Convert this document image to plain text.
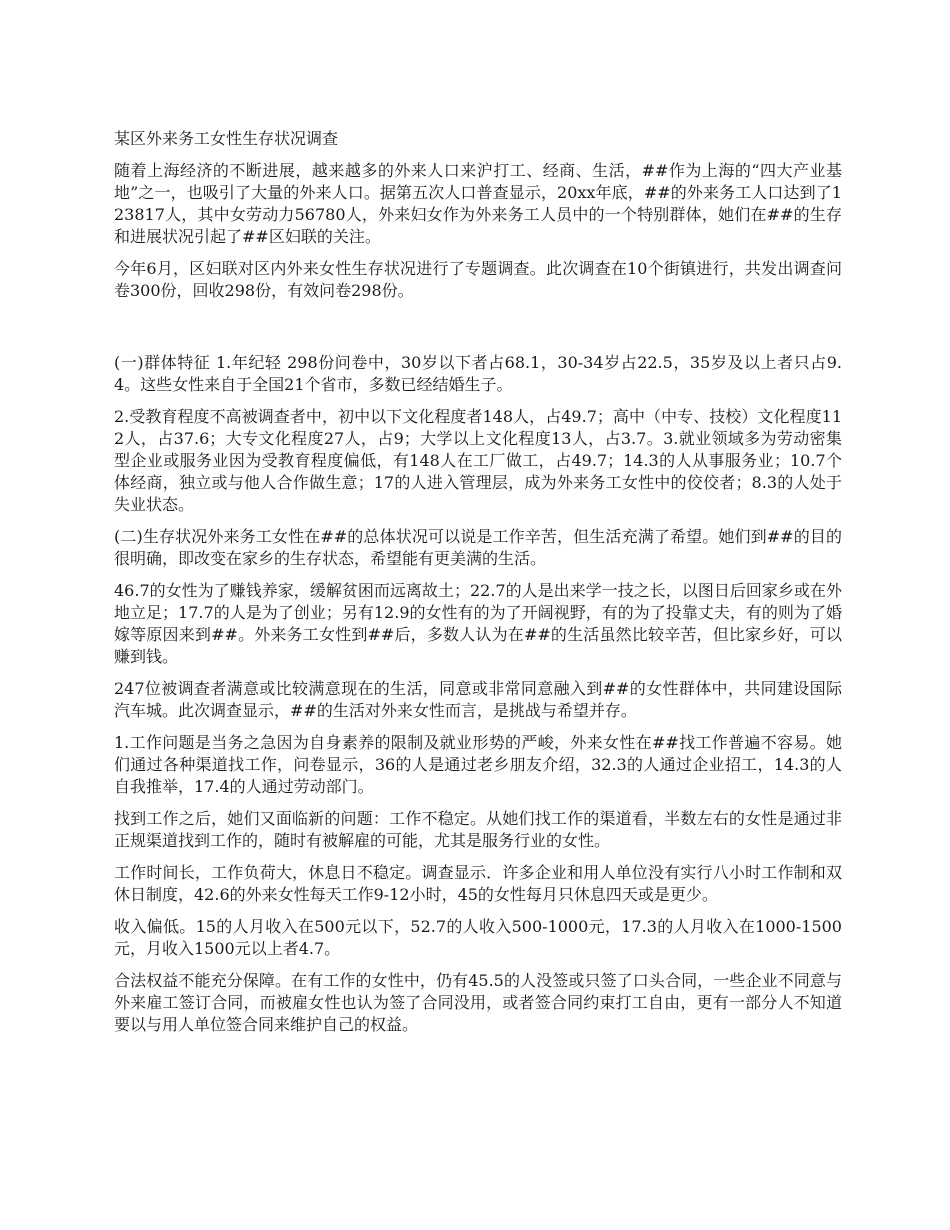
某区外来务工女性生存状况调查

随着上海经济的不断进展，越来越多的外来人口来沪打工、经商、生活，##作为上海的“四大产业基地”之一，也吸引了大量的外来人口。据第五次人口普查显示，20xx年底，##的外来务工人口达到了123817人，其中女劳动力56780人，外来妇女作为外来务工人员中的一个特别群体，她们在##的生存和进展状况引起了##区妇联的关注。

今年6月，区妇联对区内外来女性生存状况进行了专题调查。此次调查在10个街镇进行，共发出调查问卷300份，回收298份，有效问卷298份。

(一)群体特征 1.年纪轻 298份问卷中，30岁以下者占68.1，30-34岁占22.5，35岁及以上者只占9.4。这些女性来自于全国21个省市，多数已经结婚生子。

2.受教育程度不高被调查者中，初中以下文化程度者148人，占49.7；高中（中专、技校）文化程度112人，占37.6；大专文化程度27人，占9；大学以上文化程度13人，占3.7。3.就业领域多为劳动密集型企业或服务业因为受教育程度偏低，有148人在工厂做工，占49.7；14.3的人从事服务业；10.7个体经商，独立或与他人合作做生意；17的人进入管理层，成为外来务工女性中的佼佼者；8.3的人处于失业状态。

(二)生存状况外来务工女性在##的总体状况可以说是工作辛苦，但生活充满了希望。她们到##的目的很明确，即改变在家乡的生存状态，希望能有更美满的生活。

46.7的女性为了赚钱养家，缓解贫困而远离故土；22.7的人是出来学一技之长，以图日后回家乡或在外地立足；17.7的人是为了创业；另有12.9的女性有的为了开阔视野，有的为了投靠丈夫，有的则为了婚嫁等原因来到##。外来务工女性到##后，多数人认为在##的生活虽然比较辛苦，但比家乡好，可以赚到钱。

247位被调查者满意或比较满意现在的生活，同意或非常同意融入到##的女性群体中，共同建设国际汽车城。此次调查显示，##的生活对外来女性而言，是挑战与希望并存。

1.工作问题是当务之急因为自身素养的限制及就业形势的严峻，外来女性在##找工作普遍不容易。她们通过各种渠道找工作，问卷显示，36的人是通过老乡朋友介绍，32.3的人通过企业招工，14.3的人自我推举，17.4的人通过劳动部门。

找到工作之后，她们又面临新的问题：工作不稳定。从她们找工作的渠道看，半数左右的女性是通过非正规渠道找到工作的，随时有被解雇的可能，尤其是服务行业的女性。

工作时间长，工作负荷大，休息日不稳定。调查显示．许多企业和用人单位没有实行八小时工作制和双休日制度，42.6的外来女性每天工作9-12小时，45的女性每月只休息四天或是更少。

收入偏低。15的人月收入在500元以下，52.7的人收入500-1000元，17.3的人月收入在1000-1500元，月收入1500元以上者4.7。

合法权益不能充分保障。在有工作的女性中，仍有45.5的人没签或只签了口头合同，一些企业不同意与外来雇工签订合同，而被雇女性也认为签了合同没用，或者签合同约束打工自由，更有一部分人不知道要以与用人单位签合同来维护自己的权益。
